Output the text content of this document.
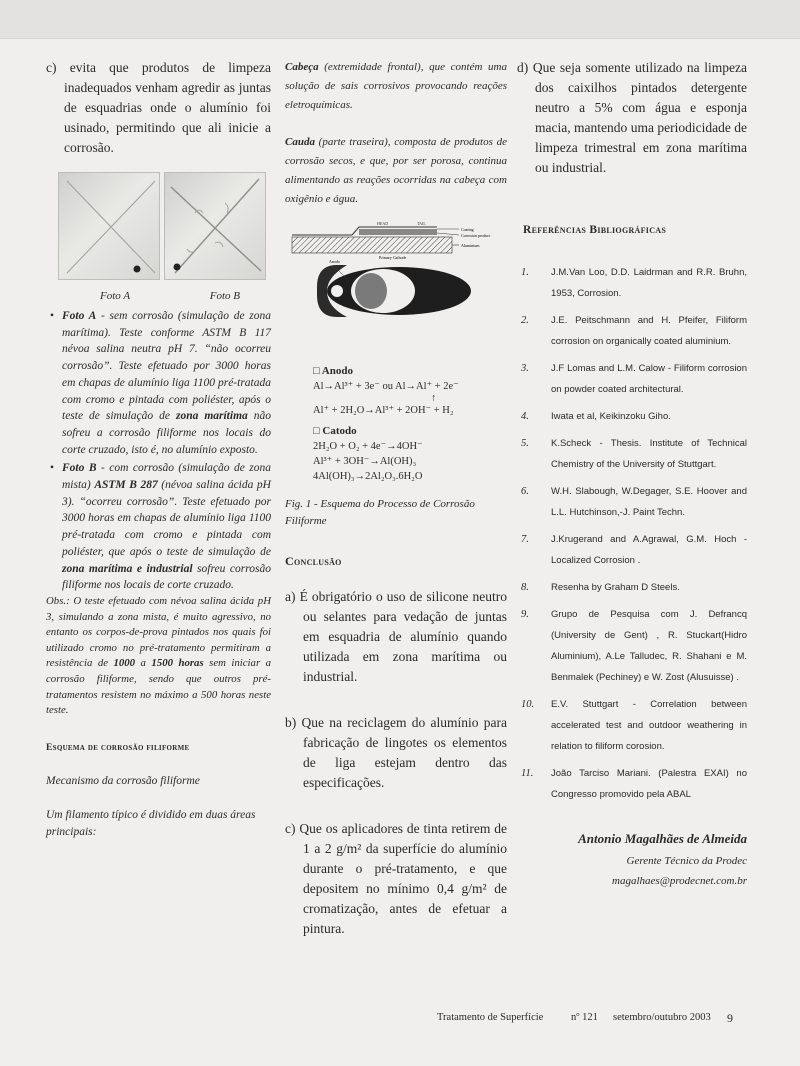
c) evita que produtos de limpeza inadequados venham agredir as juntas de esquadrias onde o alumínio foi usinado, permitindo que ali inicie a corrosão.

Foto A	Foto B

• Foto A - sem corrosão (simulação de zona marítima). Teste conforme ASTM B 117 névoa salina neutra pH 7. “não ocorreu corrosão”. Teste efetuado por 3000 horas em chapas de alumínio liga 1100 pré-tratada com cromo e pintada com poliéster, após o teste de simulação de zona marítima não sofreu a corrosão filiforme nos locais do corte cruzado, isto é, no alumínio exposto.

• Foto B - com corrosão (simulação de zona mista) ASTM B 287 (névoa salina ácida pH 3). “ocorreu corrosão”. Teste efetuado por 3000 horas em chapas de alumínio liga 1100 pré-tratada com cromo e pintada com poliéster, que após o teste de simulação de zona marítima e industrial sofreu corrosão filiforme nos locais de corte cruzado.

Obs.: O teste efetuado com névoa salina ácida pH 3, simulando a zona mista, é muito agressivo, no entanto os corpos-de-prova pintados nos quais foi utilizado cromo no pré-tratamento permitiram a resistência de 1000 a 1500 horas sem iniciar a corrosão filiforme, sendo que outros pré-tratamentos resistem no máximo a 500 horas neste teste.

Esquema de corrosão filiforme

Mecanismo da corrosão filiforme

Um filamento típico é dividido em duas áreas principais:

Cabeça (extremidade frontal), que contém uma solução de sais corrosivos provocando reações eletroquímicas.

Cauda (parte traseira), composta de produtos de corrosão secos, e que, por ser porosa, continua alimentando as reações ocorridas na cabeça com oxigênio e água.

HEAD	TAIL
Coating
Corrosion product
Aluminium
Anodo
Primary Cathode

□ Anodo

Al→Al³⁺ + 3e⁻ ou Al→Al⁺ + 2e⁻

↑

Al⁺ + 2H₂O→Al³⁺ + 2OH⁻ + H₂

□ Catodo

2H₂O + O₂ + 4e⁻→4OH⁻

Al³⁺ + 3OH⁻→Al(OH)₃

4Al(OH)₃→2Al₂O₃.6H₂O

Fig. 1 - Esquema do Processo de Corrosão Filiforme

Conclusão

a) É obrigatório o uso de silicone neutro ou selantes para vedação de juntas em esquadria de alumínio quando utilizada em zona marítima ou industrial.

b) Que na reciclagem do alumínio para fabricação de lingotes os elementos de liga estejam dentro das especificações.

c) Que os aplicadores de tinta retirem de 1 a 2 g/m² da superfície do alumínio durante o pré-tratamento, e que depositem no mínimo 0,4 g/m² de cromatização, antes de efetuar a pintura.

d) Que seja somente utilizado na limpeza dos caixilhos pintados detergente neutro a 5% com água e esponja macia, mantendo uma periodicidade de limpeza trimestral em zona marítima ou industrial.

Referências Bibliográficas

1.	J.M.Van Loo, D.D. Laidrman and R.R. Bruhn, 1953, Corrosion.
2.	J.E. Peitschmann and H. Pfeifer, Filiform corrosion on organically coated aluminium.
3.	J.F Lomas and L.M. Calow - Filiform corrosion on powder coated architectural.
4.	Iwata et al, Keikinzoku Giho.
5.	K.Scheck - Thesis. Institute of Technical Chemistry of the University of Stuttgart.
6.	W.H. Slabough, W.Degager, S.E. Hoover and L.L. Hutchinson,-J. Paint Techn.
7.	J.Krugerand and A.Agrawal, G.M. Hoch - Localized Corrosion .
8.	Resenha by Graham D Steels.
9.	Grupo de Pesquisa com J. Defrancq (University de Gent) , R. Stuckart(Hidro Aluminium), A.Le Talludec, R. Shahani e M. Benmalek (Pechiney) e W. Zost (Alusuisse) .
10.	E.V. Stuttgart - Correlation between accelerated test and outdoor weathering in relation to filiform corosion.
11.	João Tarciso Mariani. (Palestra EXAI) no Congresso promovido pela ABAL

Antonio Magalhães de Almeida

Gerente Técnico da Prodec

magalhaes@prodecnet.com.br

Tratamento de Superfície	nº 121 setembro/outubro 2003 9
